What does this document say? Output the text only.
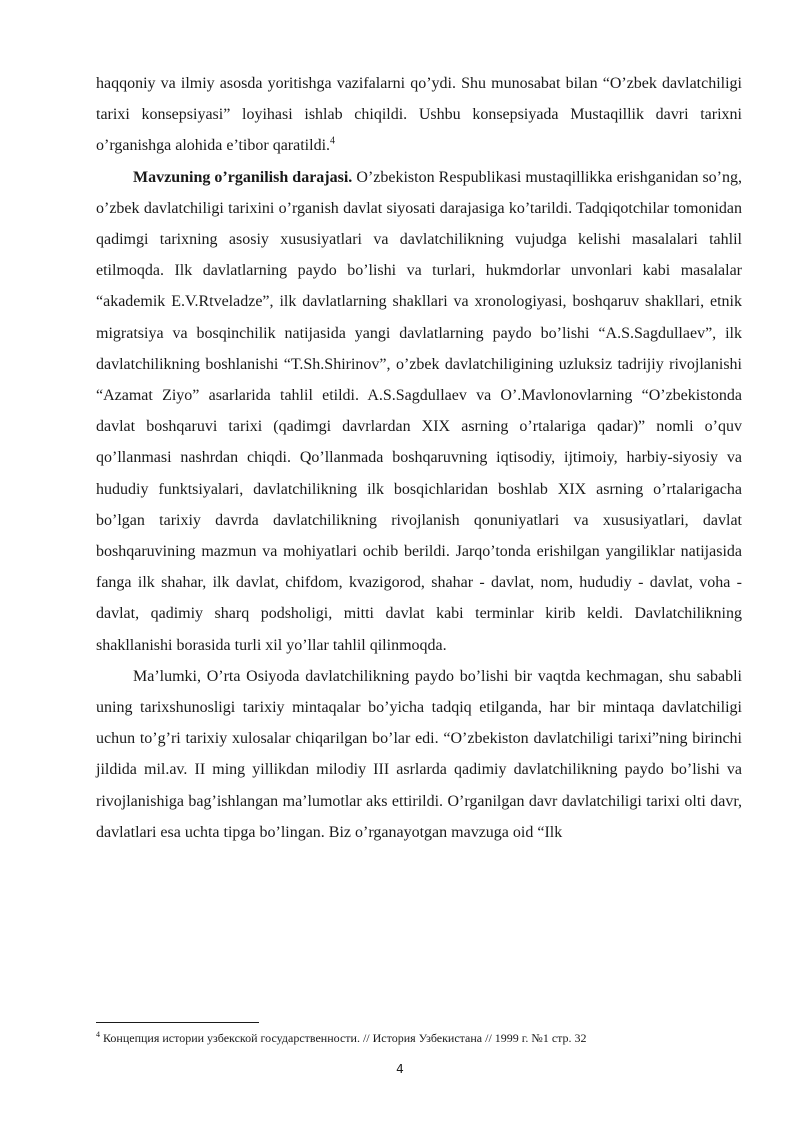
haqqoniy va ilmiy asosda yoritishga vazifalarni qo’ydi. Shu munosabat bilan “O’zbek davlatchiligi tarixi konsepsiyasi” loyihasi ishlab chiqildi. Ushbu konsepsiyada Mustaqillik davri tarixni o’rganishga alohida e’tibor qaratildi.$^4$

Mavzuning o’rganilish darajasi. O’zbekiston Respublikasi mustaqillikka erishganidan so’ng, o’zbek davlatchiligi tarixini o’rganish davlat siyosati darajasiga ko’tarildi. Tadqiqotchilar tomonidan qadimgi tarixning asosiy xususiyatlari va davlatchilikning vujudga kelishi masalalari tahlil etilmoqda. Ilk davlatlarning paydo bo’lishi va turlari, hukmdorlar unvonlari kabi masalalar “akademik E.V.Rtveladze”, ilk davlatlarning shakllari va xronologiyasi, boshqaruv shakllari, etnik migratsiya va bosqinchilik natijasida yangi davlatlarning paydo bo’lishi “A.S.Sagdullaev”, ilk davlatchilikning boshlanishi “T.Sh.Shirinov”, o’zbek davlatchiligining uzluksiz tadrijiy rivojlanishi “Azamat Ziyo” asarlarida tahlil etildi. A.S.Sagdullaev va O’.Mavlonovlarning “O’zbekistonda davlat boshqaruvi tarixi (qadimgi davrlardan XIX asrning o’rtalariga qadar)” nomli o’quv qo’llanmasi nashrdan chiqdi. Qo’llanmada boshqaruvning iqtisodiy, ijtimoiy, harbiy-siyosiy va hududiy funktsiyalari, davlatchilikning ilk bosqichlaridan boshlab XIX asrning o’rtalarigacha bo’lgan tarixiy davrda davlatchilikning rivojlanish qonuniyatlari va xususiyatlari, davlat boshqaruvining mazmun va mohiyatlari ochib berildi. Jarqo’tonda erishilgan yangiliklar natijasida fanga ilk shahar, ilk davlat, chifdom, kvazigorod, shahar - davlat, nom, hududiy - davlat, voha - davlat, qadimiy sharq podsholigi, mitti davlat kabi terminlar kirib keldi. Davlatchilikning shakllanishi borasida turli xil yo’llar tahlil qilinmoqda.

Ma’lumki, O’rta Osiyoda davlatchilikning paydo bo’lishi bir vaqtda kechmagan, shu sababli uning tarixshunosligi tarixiy mintaqalar bo’yicha tadqiq etilganda, har bir mintaqa davlatchiligi uchun to’g’ri tarixiy xulosalar chiqarilgan bo’lar edi. “O’zbekiston davlatchiligi tarixi”ning birinchi jildida mil.av. II ming yillikdan milodiy III asrlarda qadimiy davlatchilikning paydo bo’lishi va rivojlanishiga bag’ishlangan ma’lumotlar aks ettirildi. O’rganilgan davr davlatchiligi tarixi olti davr, davlatlari esa uchta tipga bo’lingan. Biz o’rganayotgan mavzuga oid “Ilk

$^4$ Концепция истории узбекской государственности. // История Узбекистана // 1999 г. №1 стр. 32
4
